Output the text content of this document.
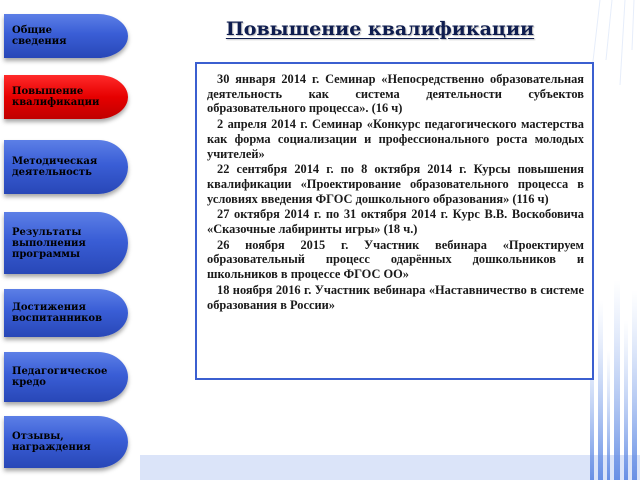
Общие
сведения
Повышение
квалификации
Методическая
деятельность
Результаты
выполнения
программы
Достижения
воспитанников
Педагогическое
кредо
Отзывы,
награждения
Повышение квалификации

30 января 2014 г. Семинар «Непосредственно образовательная деятельность как система деятельности субъектов образовательного процесса». (16 ч)

2 апреля 2014 г. Семинар «Конкурс педагогического мастерства как форма социализации и профессионального роста молодых учителей»

22 сентября 2014 г. по 8 октября 2014 г. Курсы повышения квалификации «Проектирование образовательного процесса в условиях введения ФГОС дошкольного образования» (116 ч)

27 октября 2014 г. по 31 октября 2014 г. Курс В.В. Воскобовича «Сказочные лабиринты игры» (18 ч.)

26 ноября 2015 г. Участник вебинара «Проектируем образовательный процесс одарённых дошкольников и школьников в процессе ФГОС ОО»

18 ноября 2016 г. Участник вебинара «Наставничество в системе образования в России»
